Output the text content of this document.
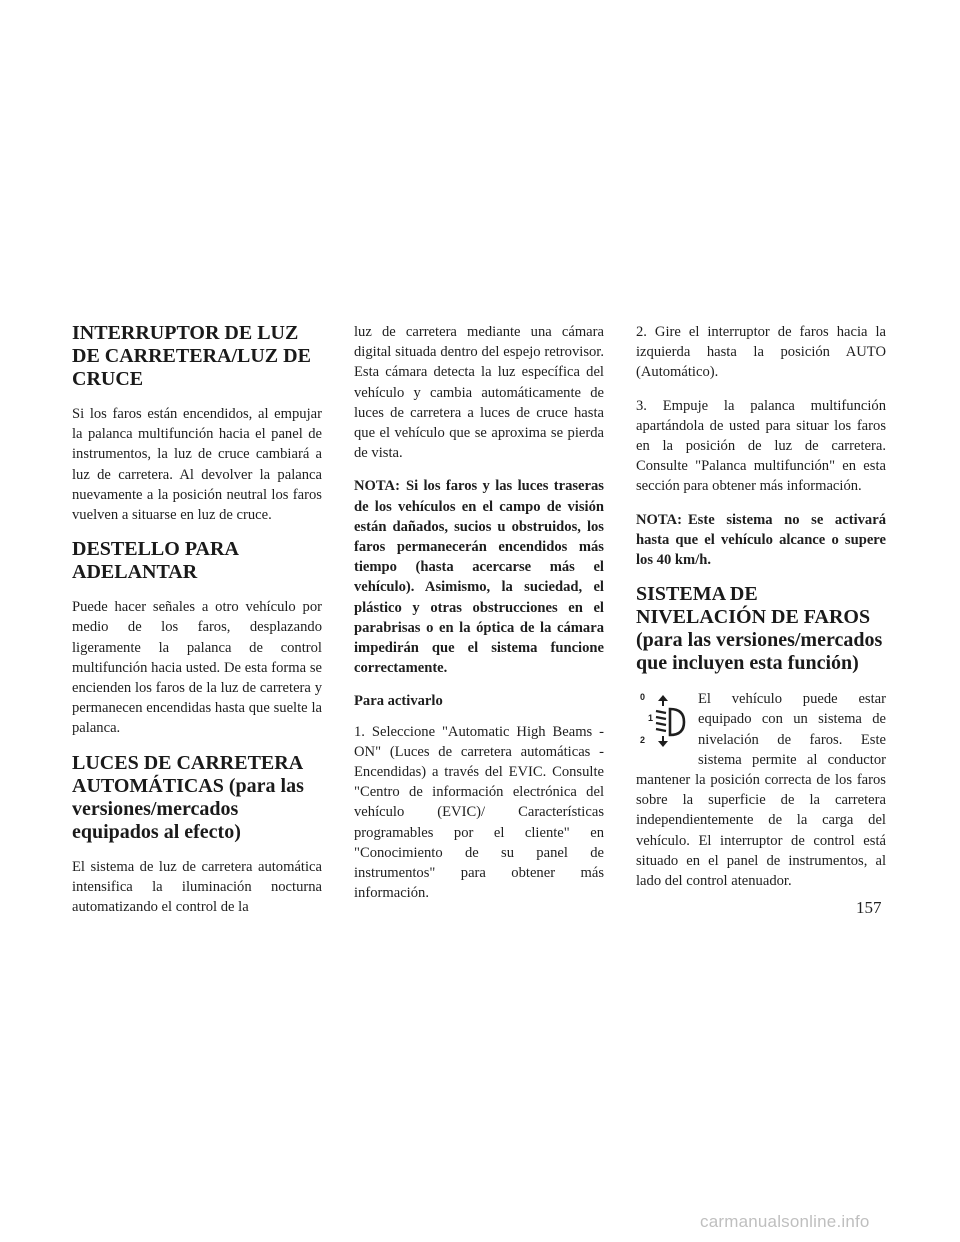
INTERRUPTOR DE LUZ DE CARRETERA/LUZ DE CRUCE

Si los faros están encendidos, al empujar la palanca multifunción hacia el panel de instrumentos, la luz de cruce cambiará a luz de carretera. Al devolver la palanca nuevamente a la posición neutral los faros vuelven a situarse en luz de cruce.

DESTELLO PARA ADELANTAR

Puede hacer señales a otro vehículo por medio de los faros, desplazando ligeramente la palanca de control multifunción hacia usted. De esta forma se encienden los faros de la luz de carretera y permanecen encendidas hasta que suelte la palanca.

LUCES DE CARRETERA AUTOMÁTICAS (para las versiones/mercados equipados al efecto)

El sistema de luz de carretera automática intensifica la iluminación nocturna automatizando el control de la

luz de carretera mediante una cámara digital situada dentro del espejo retrovisor. Esta cámara detecta la luz específica del vehículo y cambia automáticamente de luces de carretera a luces de cruce hasta que el vehículo que se aproxima se pierda de vista.

NOTA: Si los faros y las luces traseras de los vehículos en el campo de visión están dañados, sucios u obstruidos, los faros permanecerán encendidos más tiempo (hasta acercarse más el vehículo). Asimismo, la suciedad, el plástico y otras obstrucciones en el parabrisas o en la óptica de la cámara impedirán que el sistema funcione correctamente.

Para activarlo

1. Seleccione "Automatic High Beams - ON" (Luces de carretera automáticas - Encendidas) a través del EVIC. Consulte "Centro de información electrónica del vehículo (EVIC)/ Características programables por el cliente" en "Conocimiento de su panel de instrumentos" para obtener más información.

2. Gire el interruptor de faros hacia la izquierda hasta la posición AUTO (Automático).

3. Empuje la palanca multifunción apartándola de usted para situar los faros en la posición de luz de carretera. Consulte "Palanca multifunción" en esta sección para obtener más información.

NOTA: Este sistema no se activará hasta que el vehículo alcance o supere los 40 km/h.

SISTEMA DE NIVELACIÓN DE FAROS (para las versiones/mercados que incluyen esta función)
0
1
2

El vehículo puede estar equipado con un sistema de nivelación de faros. Este sistema permite al conductor mantener la posición correcta de los faros sobre la superficie de la carretera independientemente de la carga del vehículo. El interruptor de control está situado en el panel de instrumentos, al lado del control atenuador.

157
carmanualsonline.info
